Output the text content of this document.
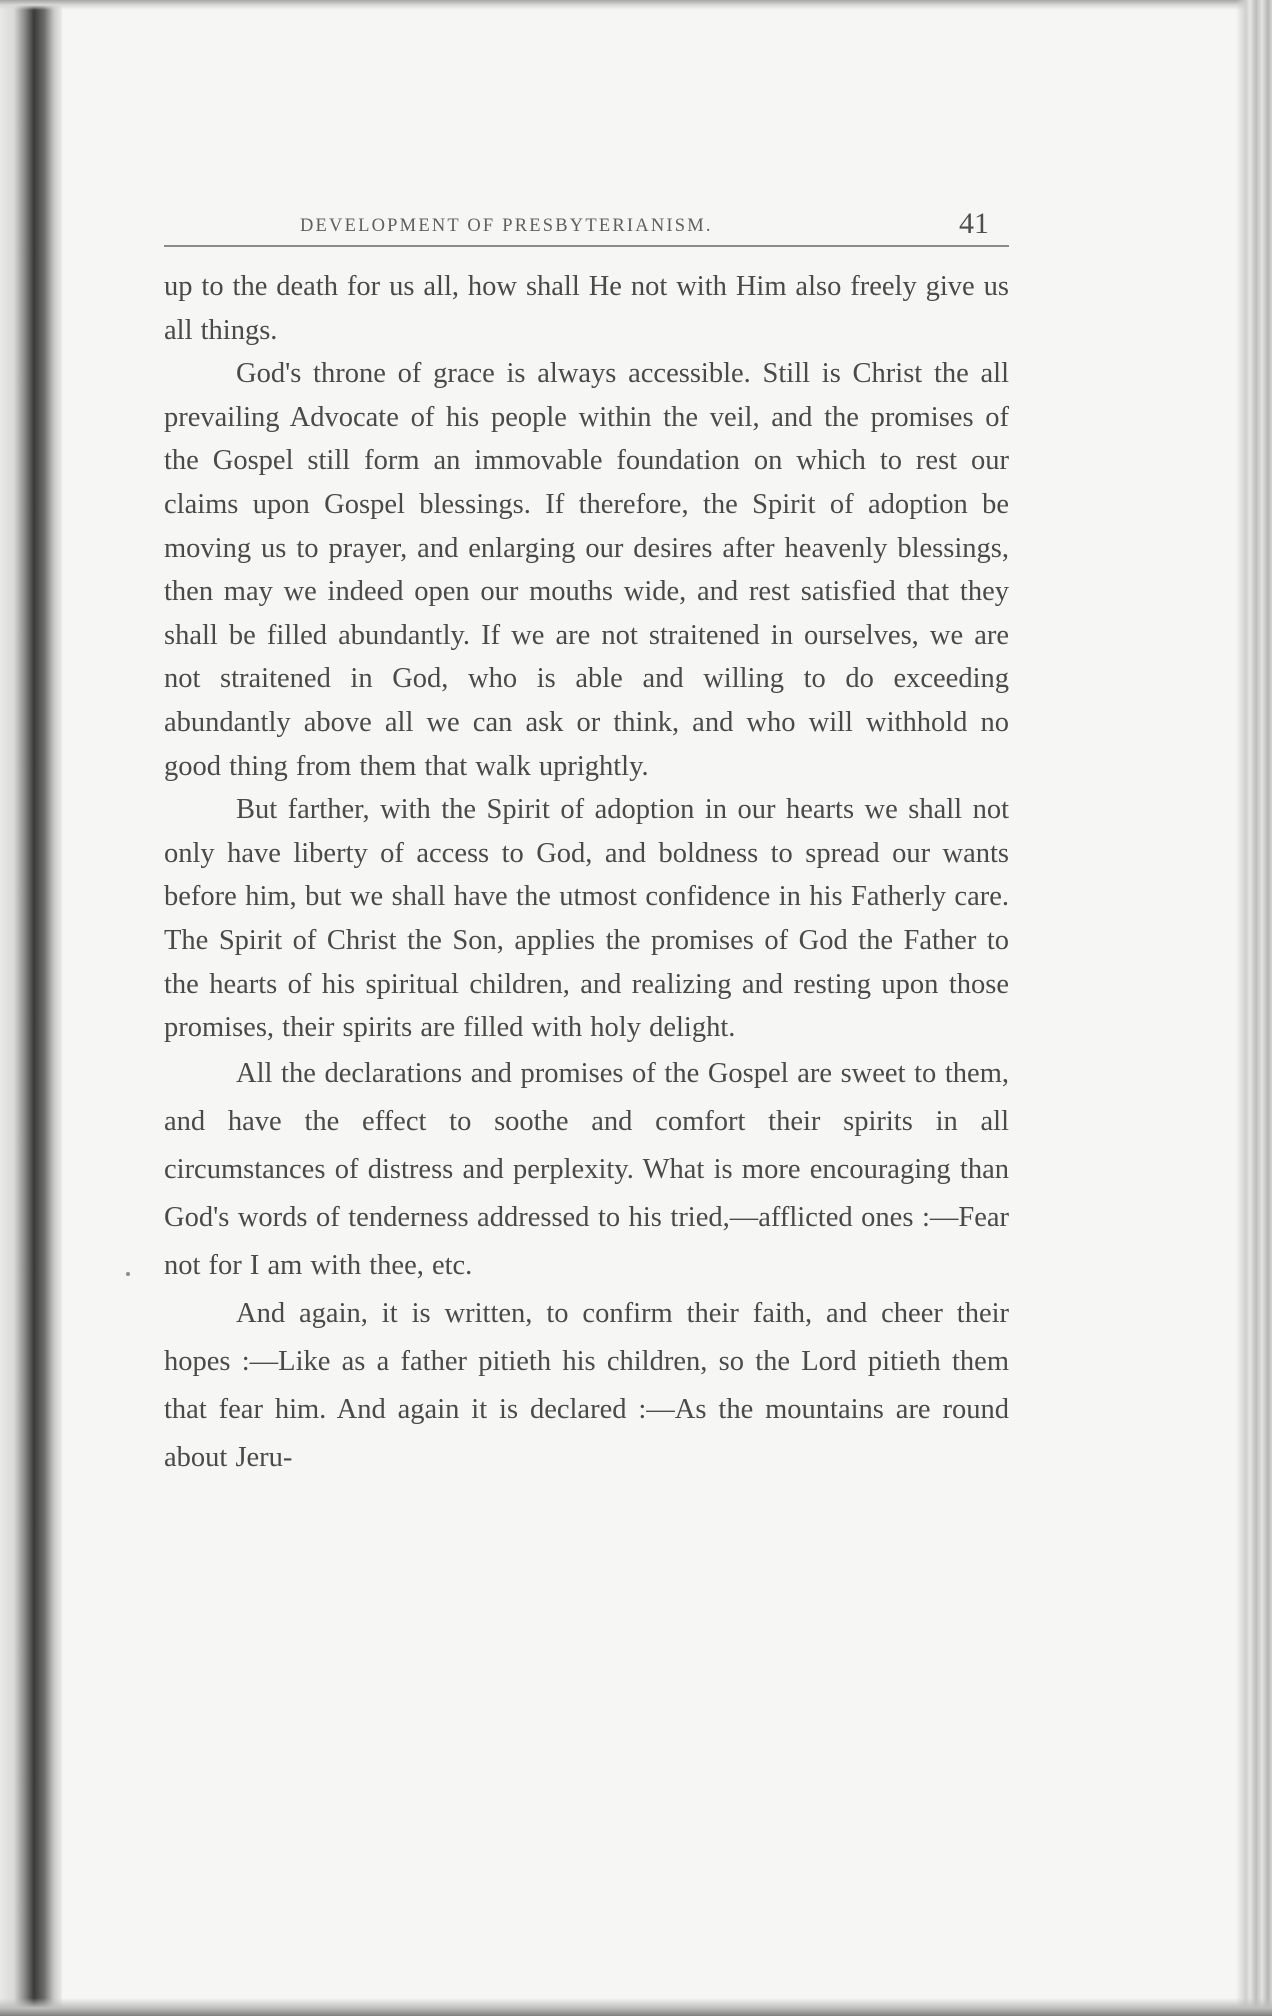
DEVELOPMENT OF PRESBYTERIANISM.	41

up to the death for us all, how shall He not with Him also freely give us all things.

God's throne of grace is always accessible. Still is Christ the all prevailing Advocate of his people within the veil, and the promises of the Gospel still form an immovable foundation on which to rest our claims upon Gospel blessings. If therefore, the Spirit of adoption be moving us to prayer, and enlarging our desires after heavenly blessings, then may we indeed open our mouths wide, and rest satisfied that they shall be filled abundantly. If we are not straitened in ourselves, we are not straitened in God, who is able and willing to do exceeding abundantly above all we can ask or think, and who will withhold no good thing from them that walk uprightly.

But farther, with the Spirit of adoption in our hearts we shall not only have liberty of access to God, and boldness to spread our wants before him, but we shall have the utmost confidence in his Fatherly care. The Spirit of Christ the Son, applies the promises of God the Father to the hearts of his spiritual children, and realizing and resting upon those promises, their spirits are filled with holy delight.

All the declarations and promises of the Gospel are sweet to them, and have the effect to soothe and comfort their spirits in all circumstances of distress and perplexity. What is more encouraging than God's words of tenderness addressed to his tried,—afflicted ones :—Fear not for I am with thee, etc.

And again, it is written, to confirm their faith, and cheer their hopes :—Like as a father pitieth his children, so the Lord pitieth them that fear him. And again it is declared :—As the mountains are round about Jeru-
